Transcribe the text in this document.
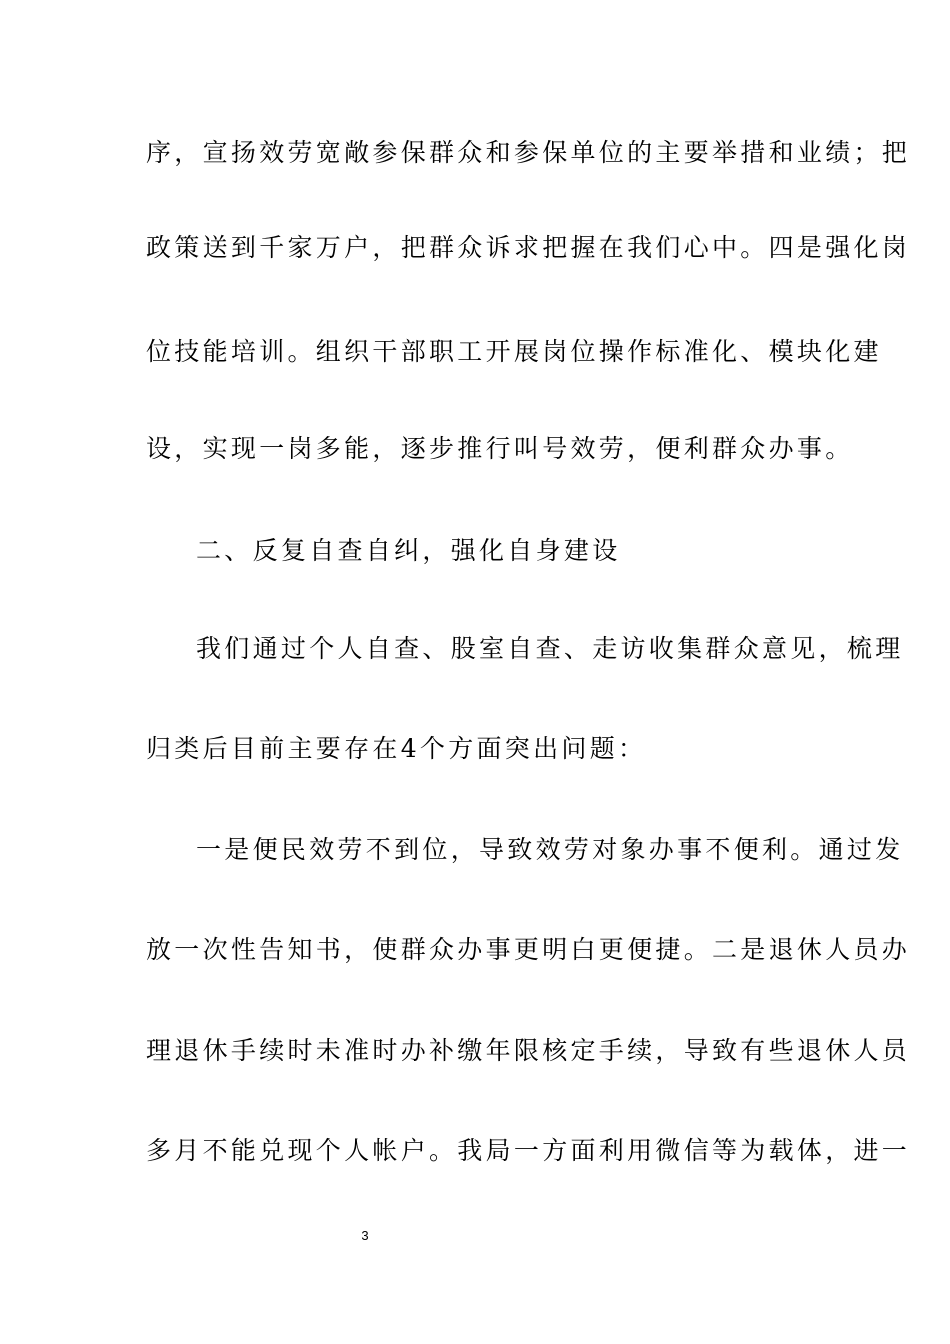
序，宣扬效劳宽敞参保群众和参保单位的主要举措和业绩；把
政策送到千家万户，把群众诉求把握在我们心中。四是强化岗
位技能培训。组织干部职工开展岗位操作标准化、模块化建
设，实现一岗多能，逐步推行叫号效劳，便利群众办事。
二、反复自查自纠，强化自身建设
我们通过个人自查、股室自查、走访收集群众意见，梳理
归类后目前主要存在4个方面突出问题：
一是便民效劳不到位，导致效劳对象办事不便利。通过发
放一次性告知书，使群众办事更明白更便捷。二是退休人员办
理退休手续时未准时办补缴年限核定手续，导致有些退休人员
多月不能兑现个人帐户。我局一方面利用微信等为载体，进一
3
